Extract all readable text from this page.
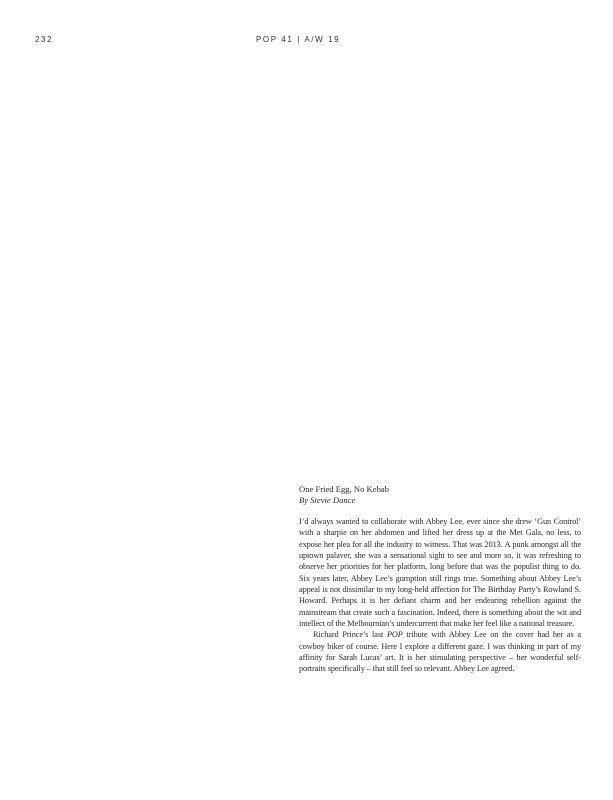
232	POP 41 | A/W 19

One Fried Egg, No Kebab

By Stevie Dance

I’d always wanted to collaborate with Abbey Lee, ever since she drew ‘Gun Control’ with a sharpie on her abdomen and lifted her dress up at the Met Gala, no less, to expose her plea for all the industry to witness. That was 2013. A punk amongst all the uptown palaver, she was a sensational sight to see and more so, it was refreshing to observe her priorities for her platform, long before that was the populist thing to do. Six years later, Abbey Lee’s gumption still rings true. Something about Abbey Lee’s appeal is not dissimilar to my long-held affection for The Birthday Party’s Rowland S. Howard. Perhaps it is her defiant charm and her endearing rebellion against the mainstream that create such a fascination. Indeed, there is something about the wit and intellect of the Melbournian’s undercurrent that make her feel like a national treasure.

Richard Prince’s last POP tribute with Abbey Lee on the cover had her as a cowboy biker of course. Here I explore a different gaze. I was thinking in part of my affinity for Sarah Lucas’ art. It is her stimulating perspective – her wonderful self-portraits specifically – that still feel so relevant. Abbey Lee agreed.
